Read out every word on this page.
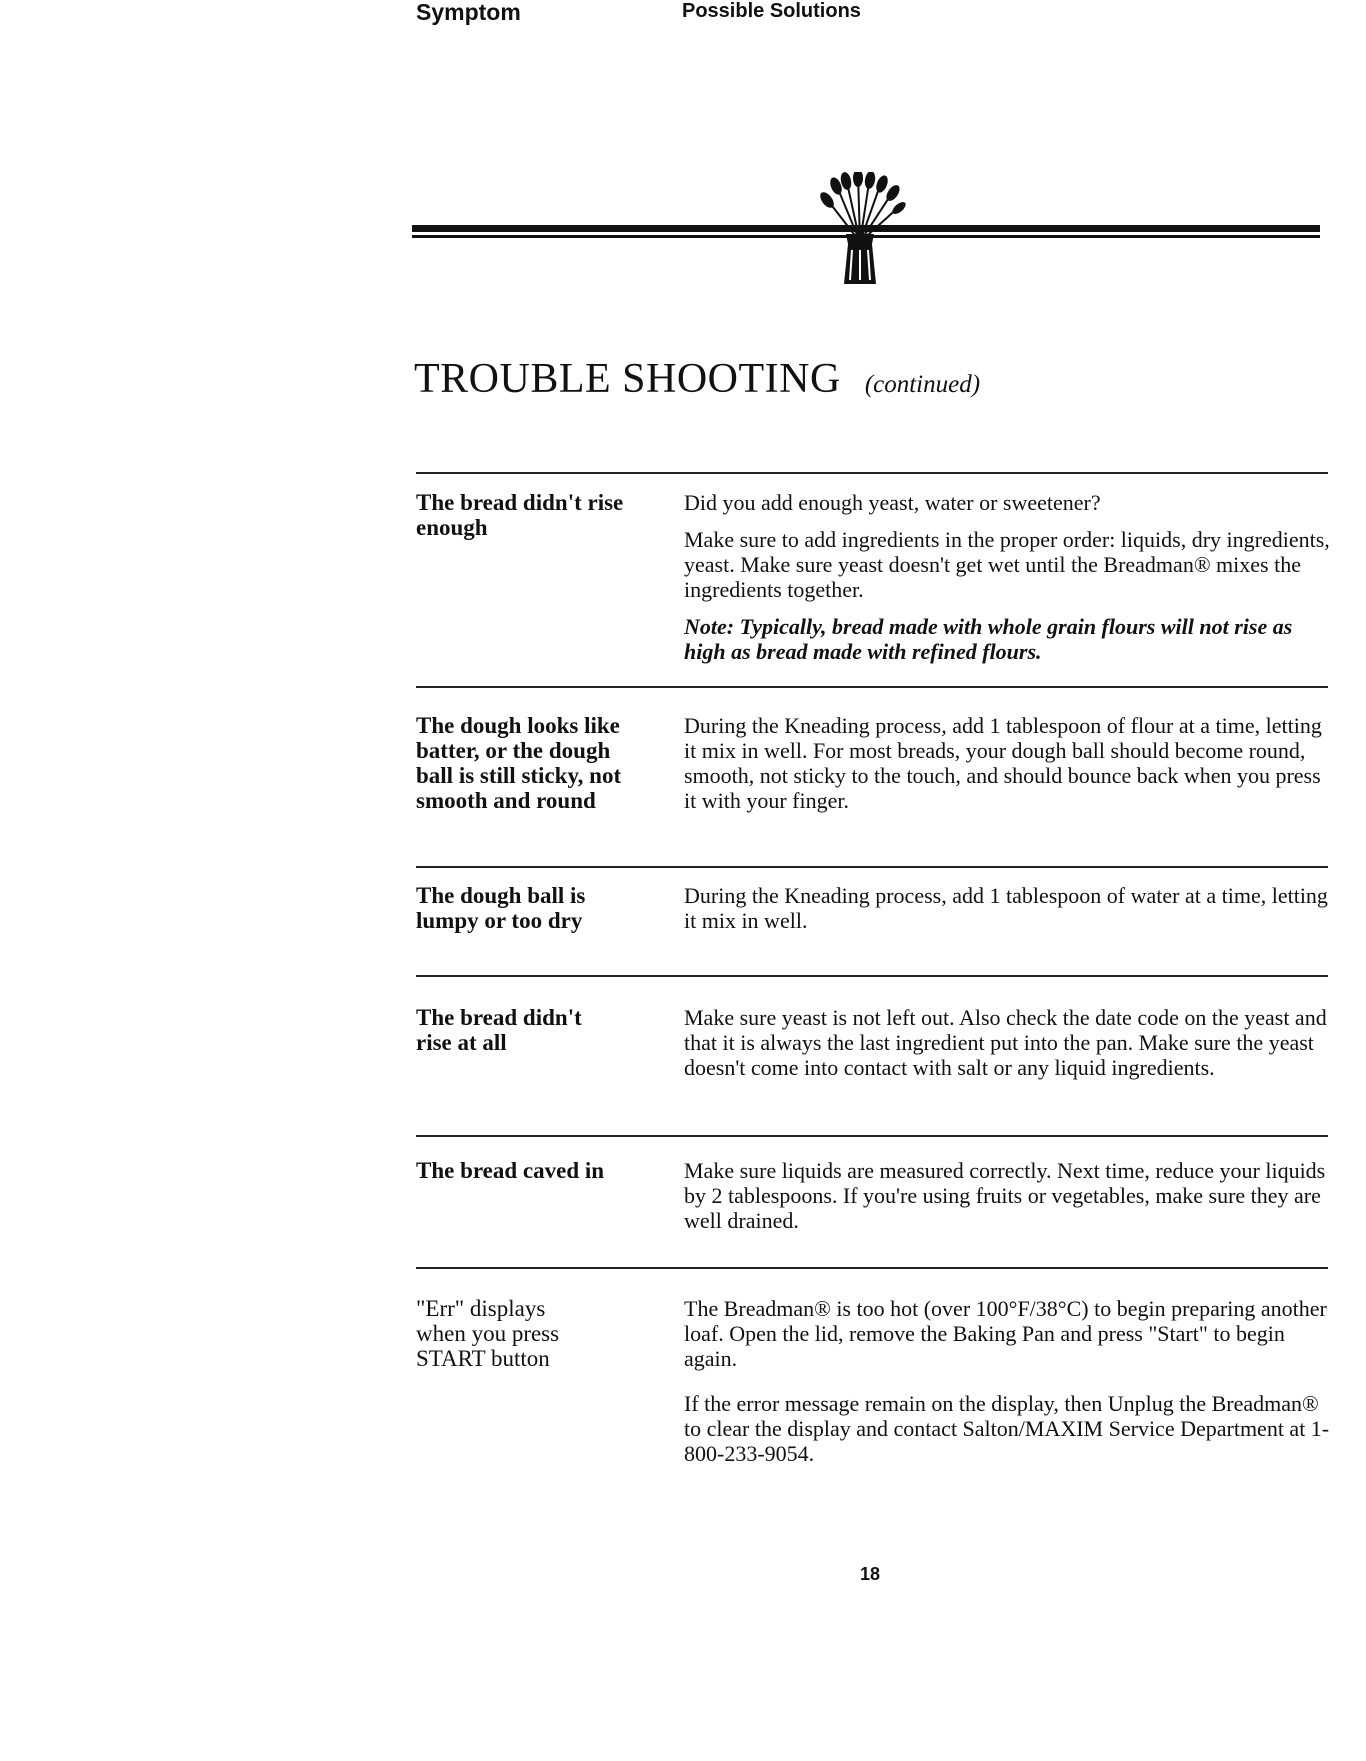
TROUBLE SHOOTING (continued)
Symptom	Possible Solutions
The bread didn't rise enough

Did you add enough yeast, water or sweetener?

Make sure to add ingredients in the proper order: liquids, dry ingredients, yeast. Make sure yeast doesn't get wet until the Breadman® mixes the ingredients together.

Note: Typically, bread made with whole grain flours will not rise as high as bread made with refined flours.

The dough looks like batter, or the dough ball is still sticky, not smooth and round

During the Kneading process, add 1 tablespoon of flour at a time, letting it mix in well. For most breads, your dough ball should become round, smooth, not sticky to the touch, and should bounce back when you press it with your finger.

The dough ball is lumpy or too dry

During the Kneading process, add 1 tablespoon of water at a time, letting it mix in well.

The bread didn't rise at all

Make sure yeast is not left out. Also check the date code on the yeast and that it is always the last ingredient put into the pan. Make sure the yeast doesn't come into contact with salt or any liquid ingredients.

The bread caved in	Make sure liquids are measured correctly. Next time, reduce your liquids by 2 tablespoons. If you're using fruits or vegetables, make sure they are well drained.

"Err" displays when you press START button

The Breadman® is too hot (over 100°F/38°C) to begin preparing another loaf. Open the lid, remove the Baking Pan and press "Start" to begin again.

If the error message remain on the display, then Unplug the Breadman® to clear the display and contact Salton/MAXIM Service Department at 1-800-233-9054.

18
